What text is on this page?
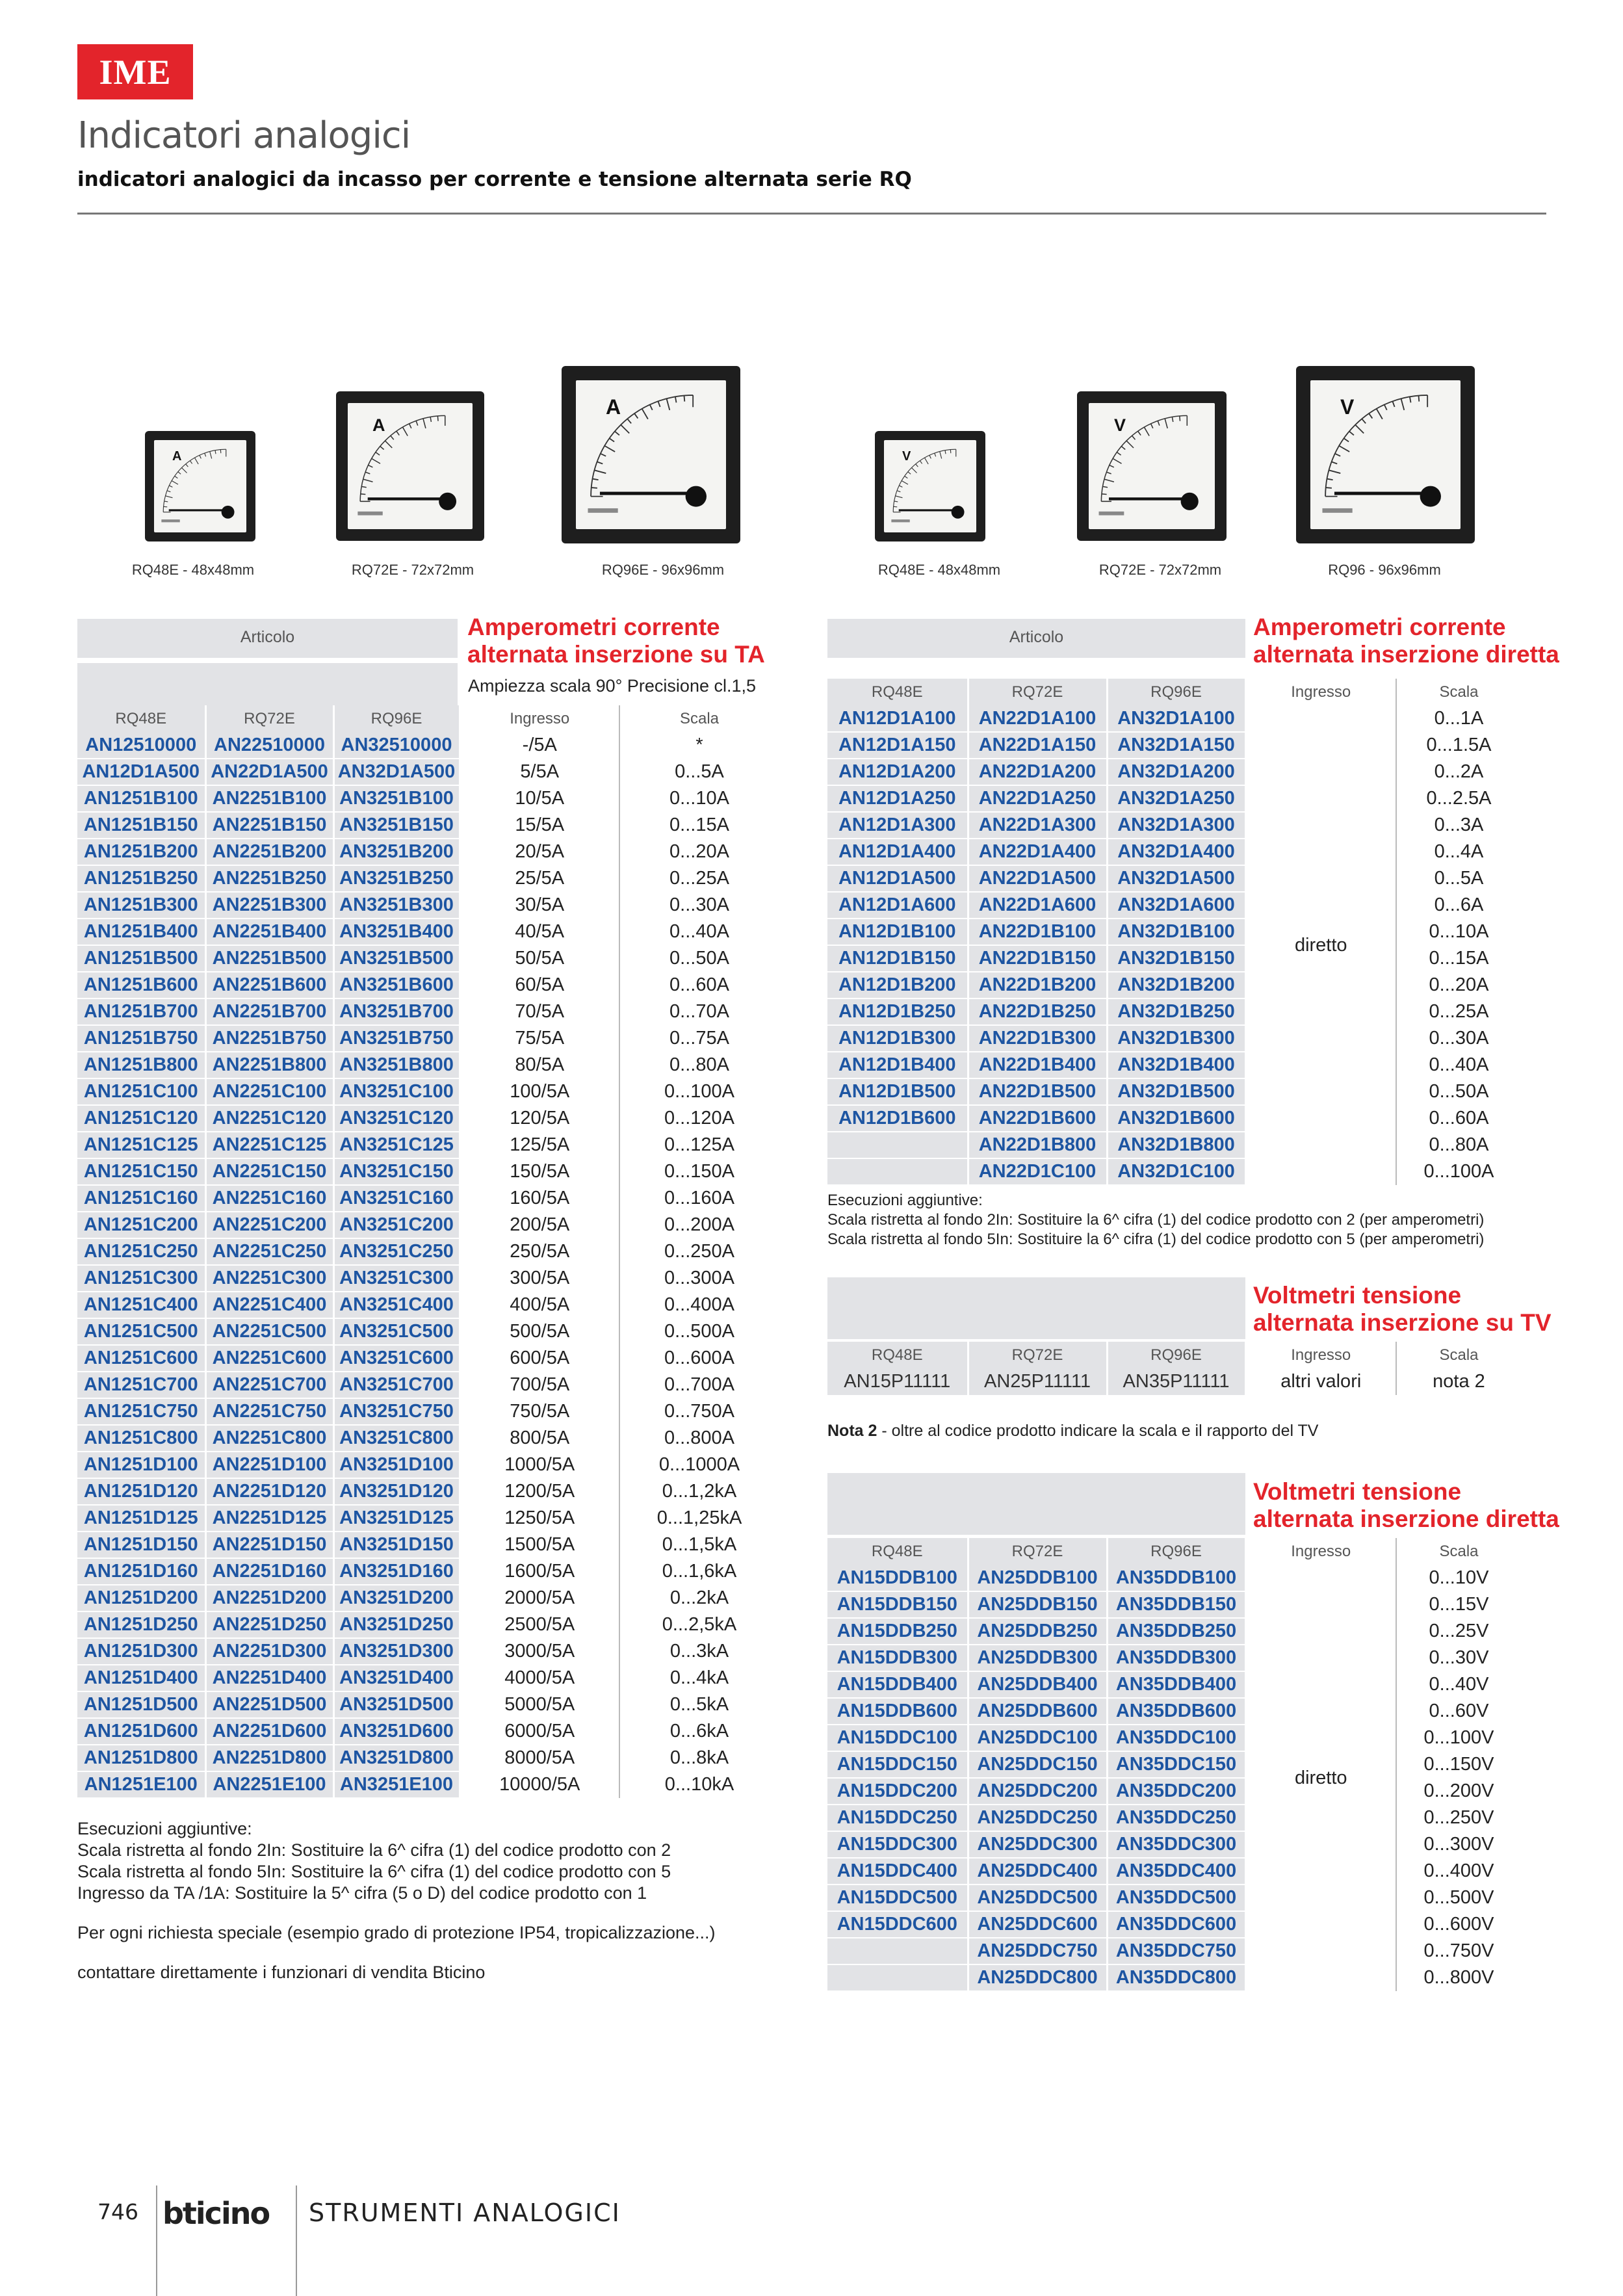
IME
Indicatori analogici
indicatori analogici da incasso per corrente e tensione alternata serie RQ
A
RQ48E - 48x48mm
A
RQ72E - 72x72mm
A
RQ96E - 96x96mm
V
RQ48E - 48x48mm
V
RQ72E - 72x72mm
V
RQ96 - 96x96mm
Articolo	Amperometri corrente
alternata inserzione su TA
Ampiezza scala 90° Precisione cl.1,5
RQ48E	RQ72E	RQ96E	Ingresso	Scala
AN12510000	AN22510000	AN32510000	-/5A	*
AN12D1A500	AN22D1A500	AN32D1A500	5/5A	0...5A
AN1251B100	AN2251B100	AN3251B100	10/5A	0...10A
AN1251B150	AN2251B150	AN3251B150	15/5A	0...15A
AN1251B200	AN2251B200	AN3251B200	20/5A	0...20A
AN1251B250	AN2251B250	AN3251B250	25/5A	0...25A
AN1251B300	AN2251B300	AN3251B300	30/5A	0...30A
AN1251B400	AN2251B400	AN3251B400	40/5A	0...40A
AN1251B500	AN2251B500	AN3251B500	50/5A	0...50A
AN1251B600	AN2251B600	AN3251B600	60/5A	0...60A
AN1251B700	AN2251B700	AN3251B700	70/5A	0...70A
AN1251B750	AN2251B750	AN3251B750	75/5A	0...75A
AN1251B800	AN2251B800	AN3251B800	80/5A	0...80A
AN1251C100	AN2251C100	AN3251C100	100/5A	0...100A
AN1251C120	AN2251C120	AN3251C120	120/5A	0...120A
AN1251C125	AN2251C125	AN3251C125	125/5A	0...125A
AN1251C150	AN2251C150	AN3251C150	150/5A	0...150A
AN1251C160	AN2251C160	AN3251C160	160/5A	0...160A
AN1251C200	AN2251C200	AN3251C200	200/5A	0...200A
AN1251C250	AN2251C250	AN3251C250	250/5A	0...250A
AN1251C300	AN2251C300	AN3251C300	300/5A	0...300A
AN1251C400	AN2251C400	AN3251C400	400/5A	0...400A
AN1251C500	AN2251C500	AN3251C500	500/5A	0...500A
AN1251C600	AN2251C600	AN3251C600	600/5A	0...600A
AN1251C700	AN2251C700	AN3251C700	700/5A	0...700A
AN1251C750	AN2251C750	AN3251C750	750/5A	0...750A
AN1251C800	AN2251C800	AN3251C800	800/5A	0...800A
AN1251D100	AN2251D100	AN3251D100	1000/5A	0...1000A
AN1251D120	AN2251D120	AN3251D120	1200/5A	0...1,2kA
AN1251D125	AN2251D125	AN3251D125	1250/5A	0...1,25kA
AN1251D150	AN2251D150	AN3251D150	1500/5A	0...1,5kA
AN1251D160	AN2251D160	AN3251D160	1600/5A	0...1,6kA
AN1251D200	AN2251D200	AN3251D200	2000/5A	0...2kA
AN1251D250	AN2251D250	AN3251D250	2500/5A	0...2,5kA
AN1251D300	AN2251D300	AN3251D300	3000/5A	0...3kA
AN1251D400	AN2251D400	AN3251D400	4000/5A	0...4kA
AN1251D500	AN2251D500	AN3251D500	5000/5A	0...5kA
AN1251D600	AN2251D600	AN3251D600	6000/5A	0...6kA
AN1251D800	AN2251D800	AN3251D800	8000/5A	0...8kA
AN1251E100	AN2251E100	AN3251E100	10000/5A	0...10kA
Esecuzioni aggiuntive:
Scala ristretta al fondo 2In: Sostituire la 6^ cifra (1) del codice prodotto con 2
Scala ristretta al fondo 5In: Sostituire la 6^ cifra (1) del codice prodotto con 5
Ingresso da TA /1A: Sostituire la 5^ cifra (5 o D) del codice prodotto con 1
Per ogni richiesta speciale (esempio grado di protezione IP54, tropicalizzazione...)
contattare direttamente i funzionari di vendita Bticino
Articolo	Amperometri corrente
alternata inserzione diretta
RQ48E	RQ72E	RQ96E	Ingresso	Scala
AN12D1A100	AN22D1A100	AN32D1A100	diretto	0...1A
AN12D1A150	AN22D1A150	AN32D1A150		0...1.5A
AN12D1A200	AN22D1A200	AN32D1A200		0...2A
AN12D1A250	AN22D1A250	AN32D1A250		0...2.5A
AN12D1A300	AN22D1A300	AN32D1A300		0...3A
AN12D1A400	AN22D1A400	AN32D1A400		0...4A
AN12D1A500	AN22D1A500	AN32D1A500		0...5A
AN12D1A600	AN22D1A600	AN32D1A600		0...6A
AN12D1B100	AN22D1B100	AN32D1B100		0...10A
AN12D1B150	AN22D1B150	AN32D1B150		0...15A
AN12D1B200	AN22D1B200	AN32D1B200		0...20A
AN12D1B250	AN22D1B250	AN32D1B250		0...25A
AN12D1B300	AN22D1B300	AN32D1B300		0...30A
AN12D1B400	AN22D1B400	AN32D1B400		0...40A
AN12D1B500	AN22D1B500	AN32D1B500		0...50A
AN12D1B600	AN22D1B600	AN32D1B600		0...60A
	AN22D1B800	AN32D1B800		0...80A
	AN22D1C100	AN32D1C100		0...100A
Esecuzioni aggiuntive:
Scala ristretta al fondo 2In: Sostituire la 6^ cifra (1) del codice prodotto con 2 (per amperometri)
Scala ristretta al fondo 5In: Sostituire la 6^ cifra (1) del codice prodotto con 5 (per amperometri)
Voltmetri tensione
alternata inserzione su TV
RQ48E	RQ72E	RQ96E	Ingresso	Scala
AN15P11111	AN25P11111	AN35P11111	altri valori	nota 2
Nota 2 - oltre al codice prodotto indicare la scala e il rapporto del TV
Voltmetri tensione
alternata inserzione diretta
RQ48E	RQ72E	RQ96E	Ingresso	Scala
AN15DDB100	AN25DDB100	AN35DDB100	diretto	0...10V
AN15DDB150	AN25DDB150	AN35DDB150		0...15V
AN15DDB250	AN25DDB250	AN35DDB250		0...25V
AN15DDB300	AN25DDB300	AN35DDB300		0...30V
AN15DDB400	AN25DDB400	AN35DDB400		0...40V
AN15DDB600	AN25DDB600	AN35DDB600		0...60V
AN15DDC100	AN25DDC100	AN35DDC100		0...100V
AN15DDC150	AN25DDC150	AN35DDC150		0...150V
AN15DDC200	AN25DDC200	AN35DDC200		0...200V
AN15DDC250	AN25DDC250	AN35DDC250		0...250V
AN15DDC300	AN25DDC300	AN35DDC300		0...300V
AN15DDC400	AN25DDC400	AN35DDC400		0...400V
AN15DDC500	AN25DDC500	AN35DDC500		0...500V
AN15DDC600	AN25DDC600	AN35DDC600		0...600V
	AN25DDC750	AN35DDC750		0...750V
	AN25DDC800	AN35DDC800		0...800V
746 bticino STRUMENTI ANALOGICI
